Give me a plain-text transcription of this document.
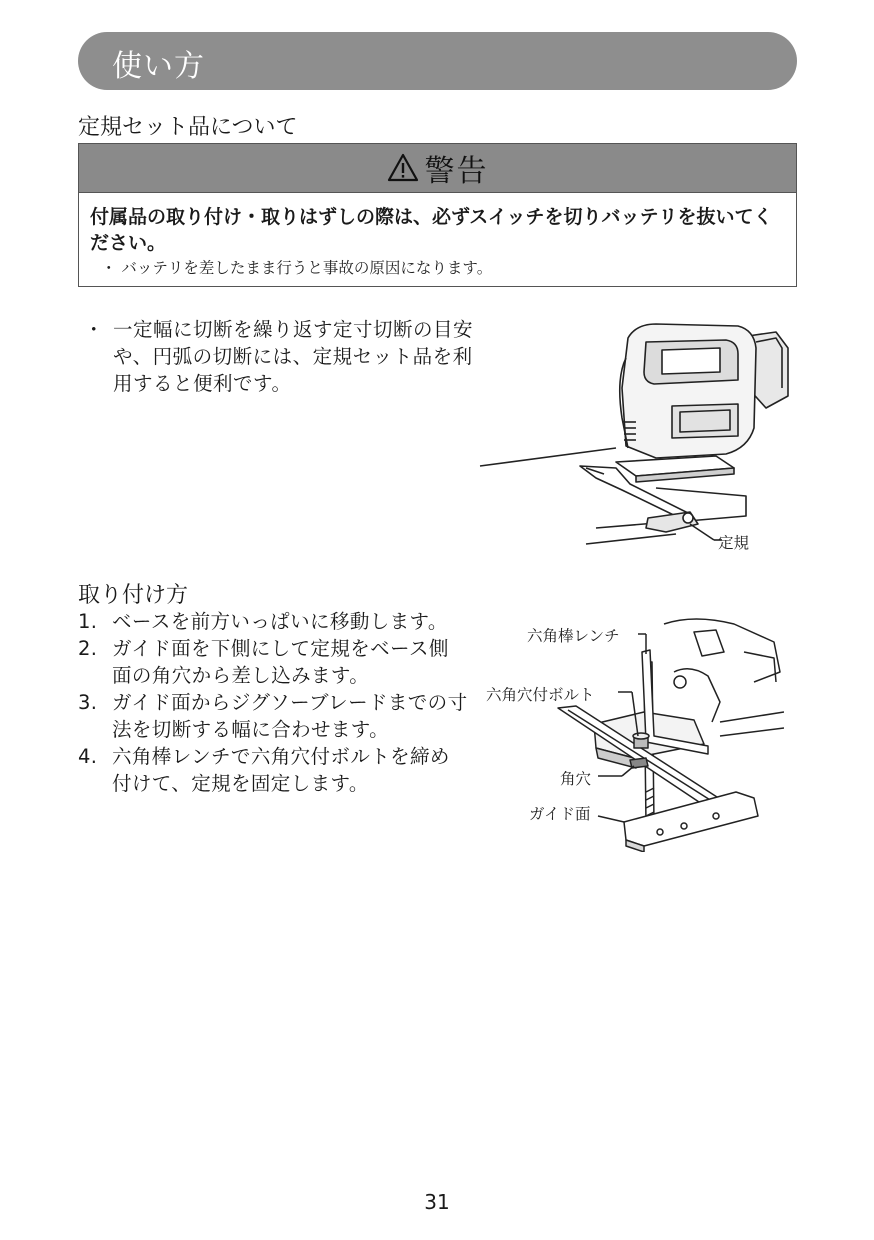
使い方
定規セット品について
警告
付属品の取り付け・取りはずしの際は、必ずスイッチを切りバッテリを抜いてください。
・ バッテリを差したまま行うと事故の原因になります。
・ 一定幅に切断を繰り返す定寸切断の目安や、円弧の切断には、定規セット品を利用すると便利です。
定規
取り付け方
1. ベースを前方いっぱいに移動します。
2. ガイド面を下側にして定規をベース側面の角穴から差し込みます。
3. ガイド面からジグソーブレードまでの寸法を切断する幅に合わせます。
4. 六角棒レンチで六角穴付ボルトを締め付けて、定規を固定します。
六角棒レンチ
六角穴付ボルト
角穴
ガイド面
31
